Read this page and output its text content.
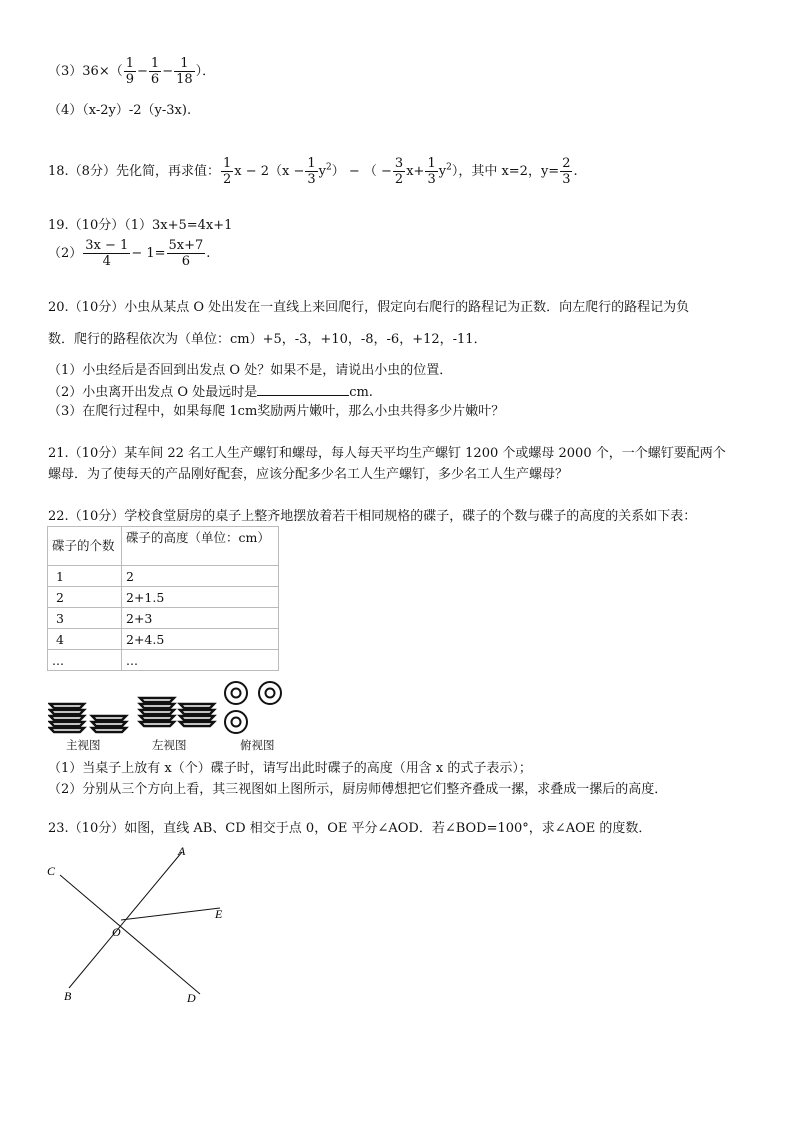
$(3)36\times( \frac{1}{9} - \frac{1}{6} - \frac{1}{18}$ ）．
（4）（x-2y）-2（y-3x).
18.（8分）先化简，再求值： $\frac{1}{2}$ $x - 2(x - \frac{1}{3} y^2)$ − （ − $\frac{3}{2} x+ \frac{1}{3} y^2$），其中 x=2，$y= \frac{2}{3}$ .
19.（10分）（1）3x+5=4x+1
$(2) \frac{3x - 1}{4} - 1= \frac{5x+7}{6}$ .
20.（10分）小虫从某点 O 处出发在一直线上来回爬行，假定向右爬行的路程记为正数．向左爬行的路程记为负
数．爬行的路程依次为（单位：cm）+5，-3，+10，-8，-6，+12，-11．
（1）小虫经后是否回到出发点 O 处？如果不是，请说出小虫的位置．
（2）小虫离开出发点 O 处最远时是	cm.
（3）在爬行过程中，如果每爬 1cm奖励两片嫩叶，那么小虫共得多少片嫩叶？
21.（10分）某车间 22 名工人生产螺钉和螺母，每人每天平均生产螺钉 1200 个或螺母 2000 个，一个螺钉要配两个
螺母．为了使每天的产品刚好配套，应该分配多少名工人生产螺钉，多少名工人生产螺母？
22.（10分）学校食堂厨房的桌子上整齐地摆放着若干相同规格的碟子，碟子的个数与碟子的高度的关系如下表：
碟子的个数	碟子的高度（单位：cm）
1	2
2	2+1.5
3	2+3
4	2+4.5
...	...
主视图	左视图	俯视图
（1）当桌子上放有 x（个）碟子时，请写出此时碟子的高度（用含 x 的式子表示）；
（2）分别从三个方向上看，其三视图如上图所示，厨房师傅想把它们整齐叠成一摞，求叠成一摞后的高度．
23.（10分）如图，直线 AB、CD 相交于点 0，OE 平分∠AOD．若∠BOD=100°，求∠AOE 的度数．
A
C
E
O
B	D
